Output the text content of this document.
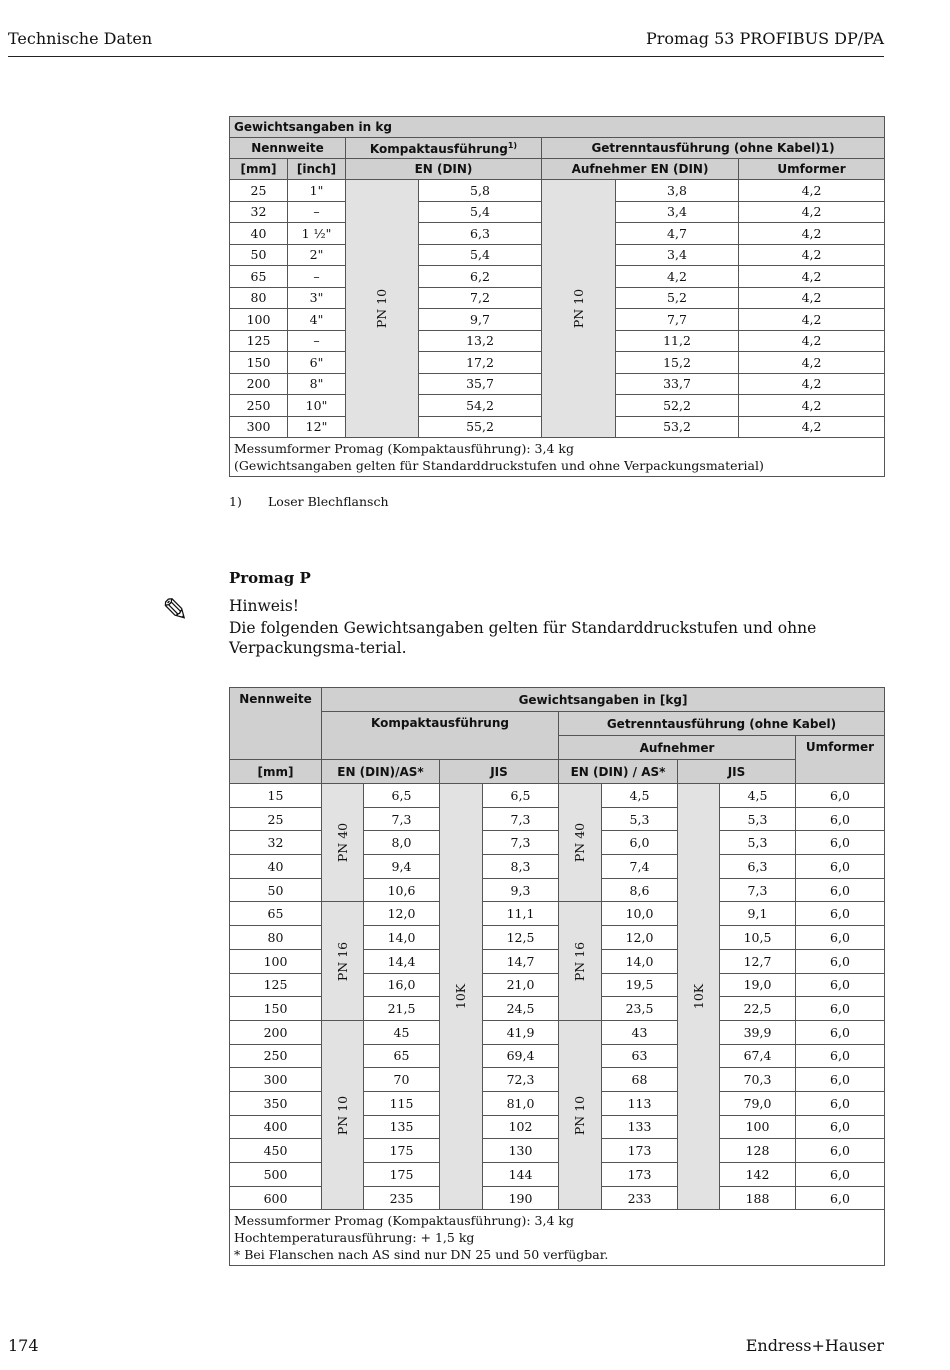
Technische Daten	Promag 53 PROFIBUS DP/PA
Gewichtsangaben in kg						
Nennweite		Kompaktausführung$^{1)}$		Getrenntausführung (ohne Kabel)1)		
[mm]	[inch]	EN (DIN)		Aufnehmer EN (DIN)		Umformer
25	1"	PN 10	5,8	PN 10	3,8	4,2
32	–		5,4		3,4	4,2
40	1 ½"		6,3		4,7	4,2
50	2"		5,4		3,4	4,2
65	–		6,2		4,2	4,2
80	3"		7,2		5,2	4,2
100	4"		9,7		7,7	4,2
125	–		13,2		11,2	4,2
150	6"		17,2		15,2	4,2
200	8"		35,7		33,7	4,2
250	10"		54,2		52,2	4,2
300	12"		55,2		53,2	4,2

Messumformer Promag (Kompaktausführung): 3,4 kg
(Gewichtsangaben gelten für Standarddruckstufen und ohne Verpackungsmaterial)						
1) Loser Blechflansch
Promag P
✎	Hinweis!
Die folgenden Gewichtsangaben gelten für Standarddruckstufen und ohne Verpackungsma-terial.
Nennweite	Gewichtsangaben in [kg]								
	Kompaktausführung				Getrenntausführung (ohne Kabel)				
					Aufnehmer				Umformer
[mm]	EN (DIN)/AS*		JIS		EN (DIN) / AS*		JIS		
15	PN 40	6,5	10K	6,5	PN 40	4,5	10K	4,5	6,0
25		7,3		7,3		5,3		5,3	6,0
32		8,0		7,3		6,0		5,3	6,0
40		9,4		8,3		7,4		6,3	6,0
50		10,6		9,3		8,6		7,3	6,0
65	PN 16	12,0		11,1	PN 16	10,0		9,1	6,0
80		14,0		12,5		12,0		10,5	6,0
100		14,4		14,7		14,0		12,7	6,0
125		16,0		21,0		19,5		19,0	6,0
150		21,5		24,5		23,5		22,5	6,0
200	PN 10	45		41,9	PN 10	43		39,9	6,0
250		65		69,4		63		67,4	6,0
300		70		72,3		68		70,3	6,0
350		115		81,0		113		79,0	6,0
400		135		102		133		100	6,0
450		175		130		173		128	6,0
500		175		144		173		142	6,0
600		235		190		233		188	6,0

Messumformer Promag (Kompaktausführung): 3,4 kg
Hochtemperaturausführung: + 1,5 kg
* Bei Flanschen nach AS sind nur DN 25 und 50 verfügbar.									
174	Endress+Hauser
